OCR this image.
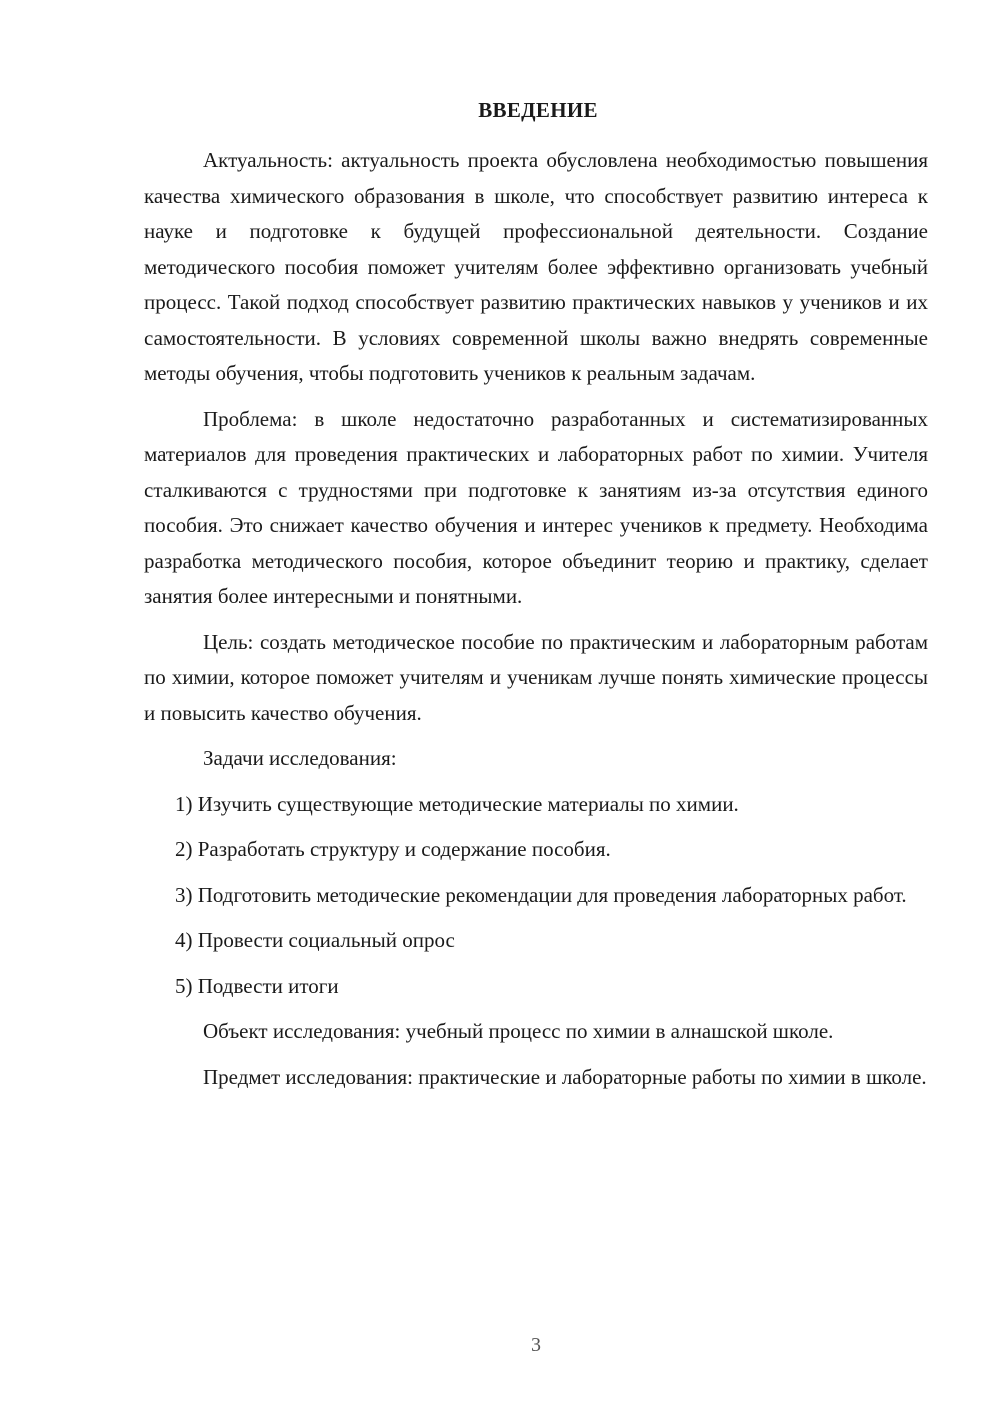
ВВЕДЕНИЕ

Актуальность: актуальность проекта обусловлена необходимостью повышения качества химического образования в школе, что способствует развитию интереса к науке и подготовке к будущей профессиональной деятельности. Создание методического пособия поможет учителям более эффективно организовать учебный процесс. Такой подход способствует развитию практических навыков у учеников и их самостоятельности. В условиях современной школы важно внедрять современные методы обучения, чтобы подготовить учеников к реальным задачам.

Проблема: в школе недостаточно разработанных и систематизированных материалов для проведения практических и лабораторных работ по химии. Учителя сталкиваются с трудностями при подготовке к занятиям из-за отсутствия единого пособия. Это снижает качество обучения и интерес учеников к предмету. Необходима разработка методического пособия, которое объединит теорию и практику, сделает занятия более интересными и понятными.

Цель: создать методическое пособие по практическим и лабораторным работам по химии, которое поможет учителям и ученикам лучше понять химические процессы и повысить качество обучения.

Задачи исследования:

1) Изучить существующие методические материалы по химии.

2) Разработать структуру и содержание пособия.

3) Подготовить методические рекомендации для проведения лабораторных работ.

4) Провести социальный опрос

5) Подвести итоги

Объект исследования: учебный процесс по химии в алнашской школе.

Предмет исследования: практические и лабораторные работы по химии в школе.

3
